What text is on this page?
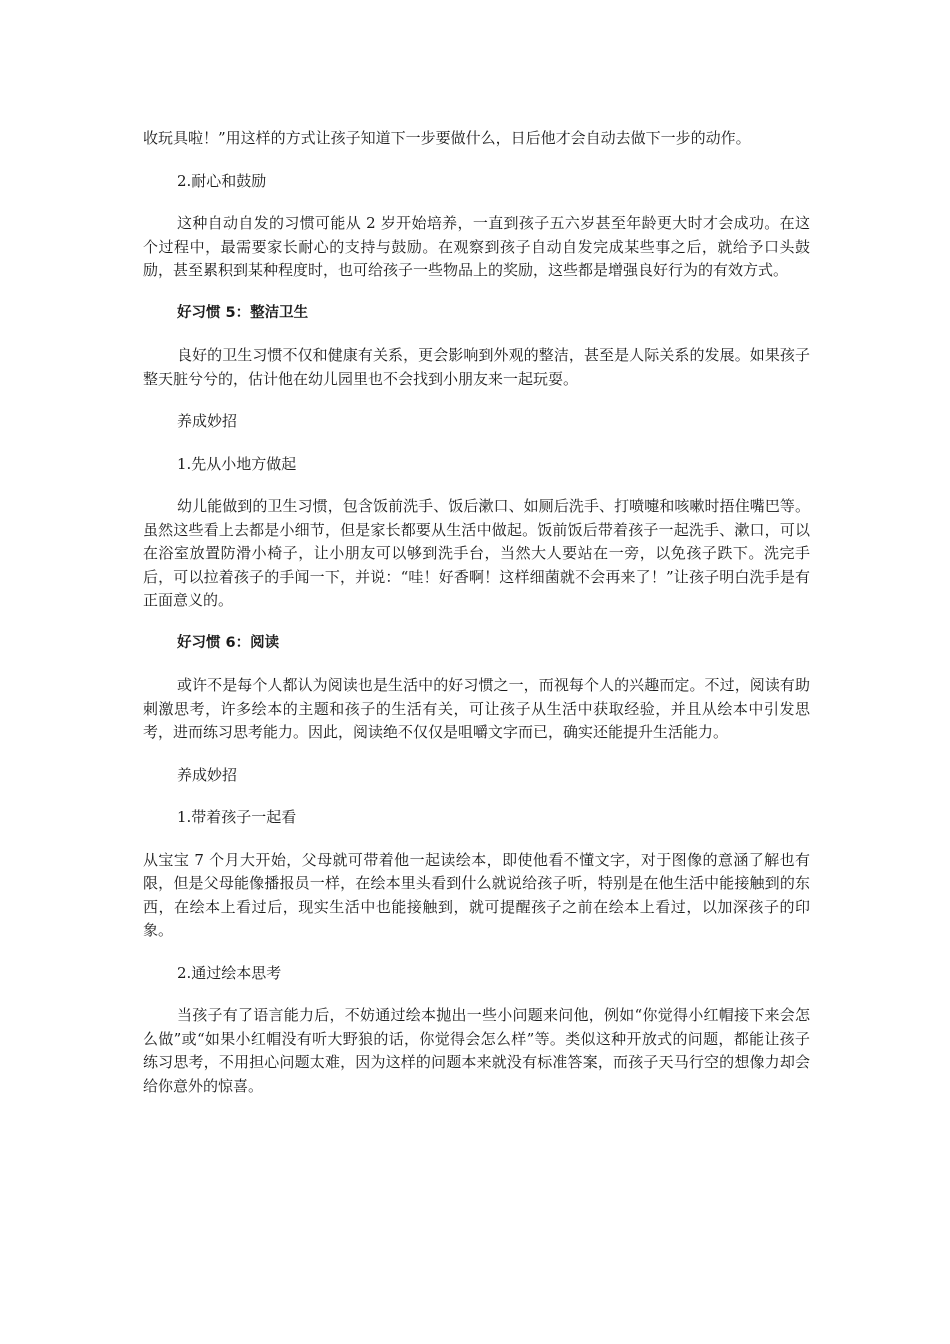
收玩具啦！”用这样的方式让孩子知道下一步要做什么，日后他才会自动去做下一步的动作。

2.耐心和鼓励

这种自动自发的习惯可能从 2 岁开始培养，一直到孩子五六岁甚至年龄更大时才会成功。在这个过程中，最需要家长耐心的支持与鼓励。在观察到孩子自动自发完成某些事之后，就给予口头鼓励，甚至累积到某种程度时，也可给孩子一些物品上的奖励，这些都是增强良好行为的有效方式。

好习惯 5：整洁卫生

良好的卫生习惯不仅和健康有关系，更会影响到外观的整洁，甚至是人际关系的发展。如果孩子整天脏兮兮的，估计他在幼儿园里也不会找到小朋友来一起玩耍。

养成妙招

1.先从小地方做起

幼儿能做到的卫生习惯，包含饭前洗手、饭后漱口、如厕后洗手、打喷嚏和咳嗽时捂住嘴巴等。虽然这些看上去都是小细节，但是家长都要从生活中做起。饭前饭后带着孩子一起洗手、漱口，可以在浴室放置防滑小椅子，让小朋友可以够到洗手台，当然大人要站在一旁，以免孩子跌下。洗完手后，可以拉着孩子的手闻一下，并说：“哇！好香啊！这样细菌就不会再来了！”让孩子明白洗手是有正面意义的。

好习惯 6：阅读

或许不是每个人都认为阅读也是生活中的好习惯之一，而视每个人的兴趣而定。不过，阅读有助刺激思考，许多绘本的主题和孩子的生活有关，可让孩子从生活中获取经验，并且从绘本中引发思考，进而练习思考能力。因此，阅读绝不仅仅是咀嚼文字而已，确实还能提升生活能力。

养成妙招

1.带着孩子一起看

从宝宝 7 个月大开始，父母就可带着他一起读绘本，即使他看不懂文字，对于图像的意涵了解也有限，但是父母能像播报员一样，在绘本里头看到什么就说给孩子听，特别是在他生活中能接触到的东西，在绘本上看过后，现实生活中也能接触到，就可提醒孩子之前在绘本上看过，以加深孩子的印象。

2.通过绘本思考

当孩子有了语言能力后，不妨通过绘本抛出一些小问题来问他，例如“你觉得小红帽接下来会怎么做”或“如果小红帽没有听大野狼的话，你觉得会怎么样”等。类似这种开放式的问题，都能让孩子练习思考，不用担心问题太难，因为这样的问题本来就没有标准答案，而孩子天马行空的想像力却会给你意外的惊喜。
